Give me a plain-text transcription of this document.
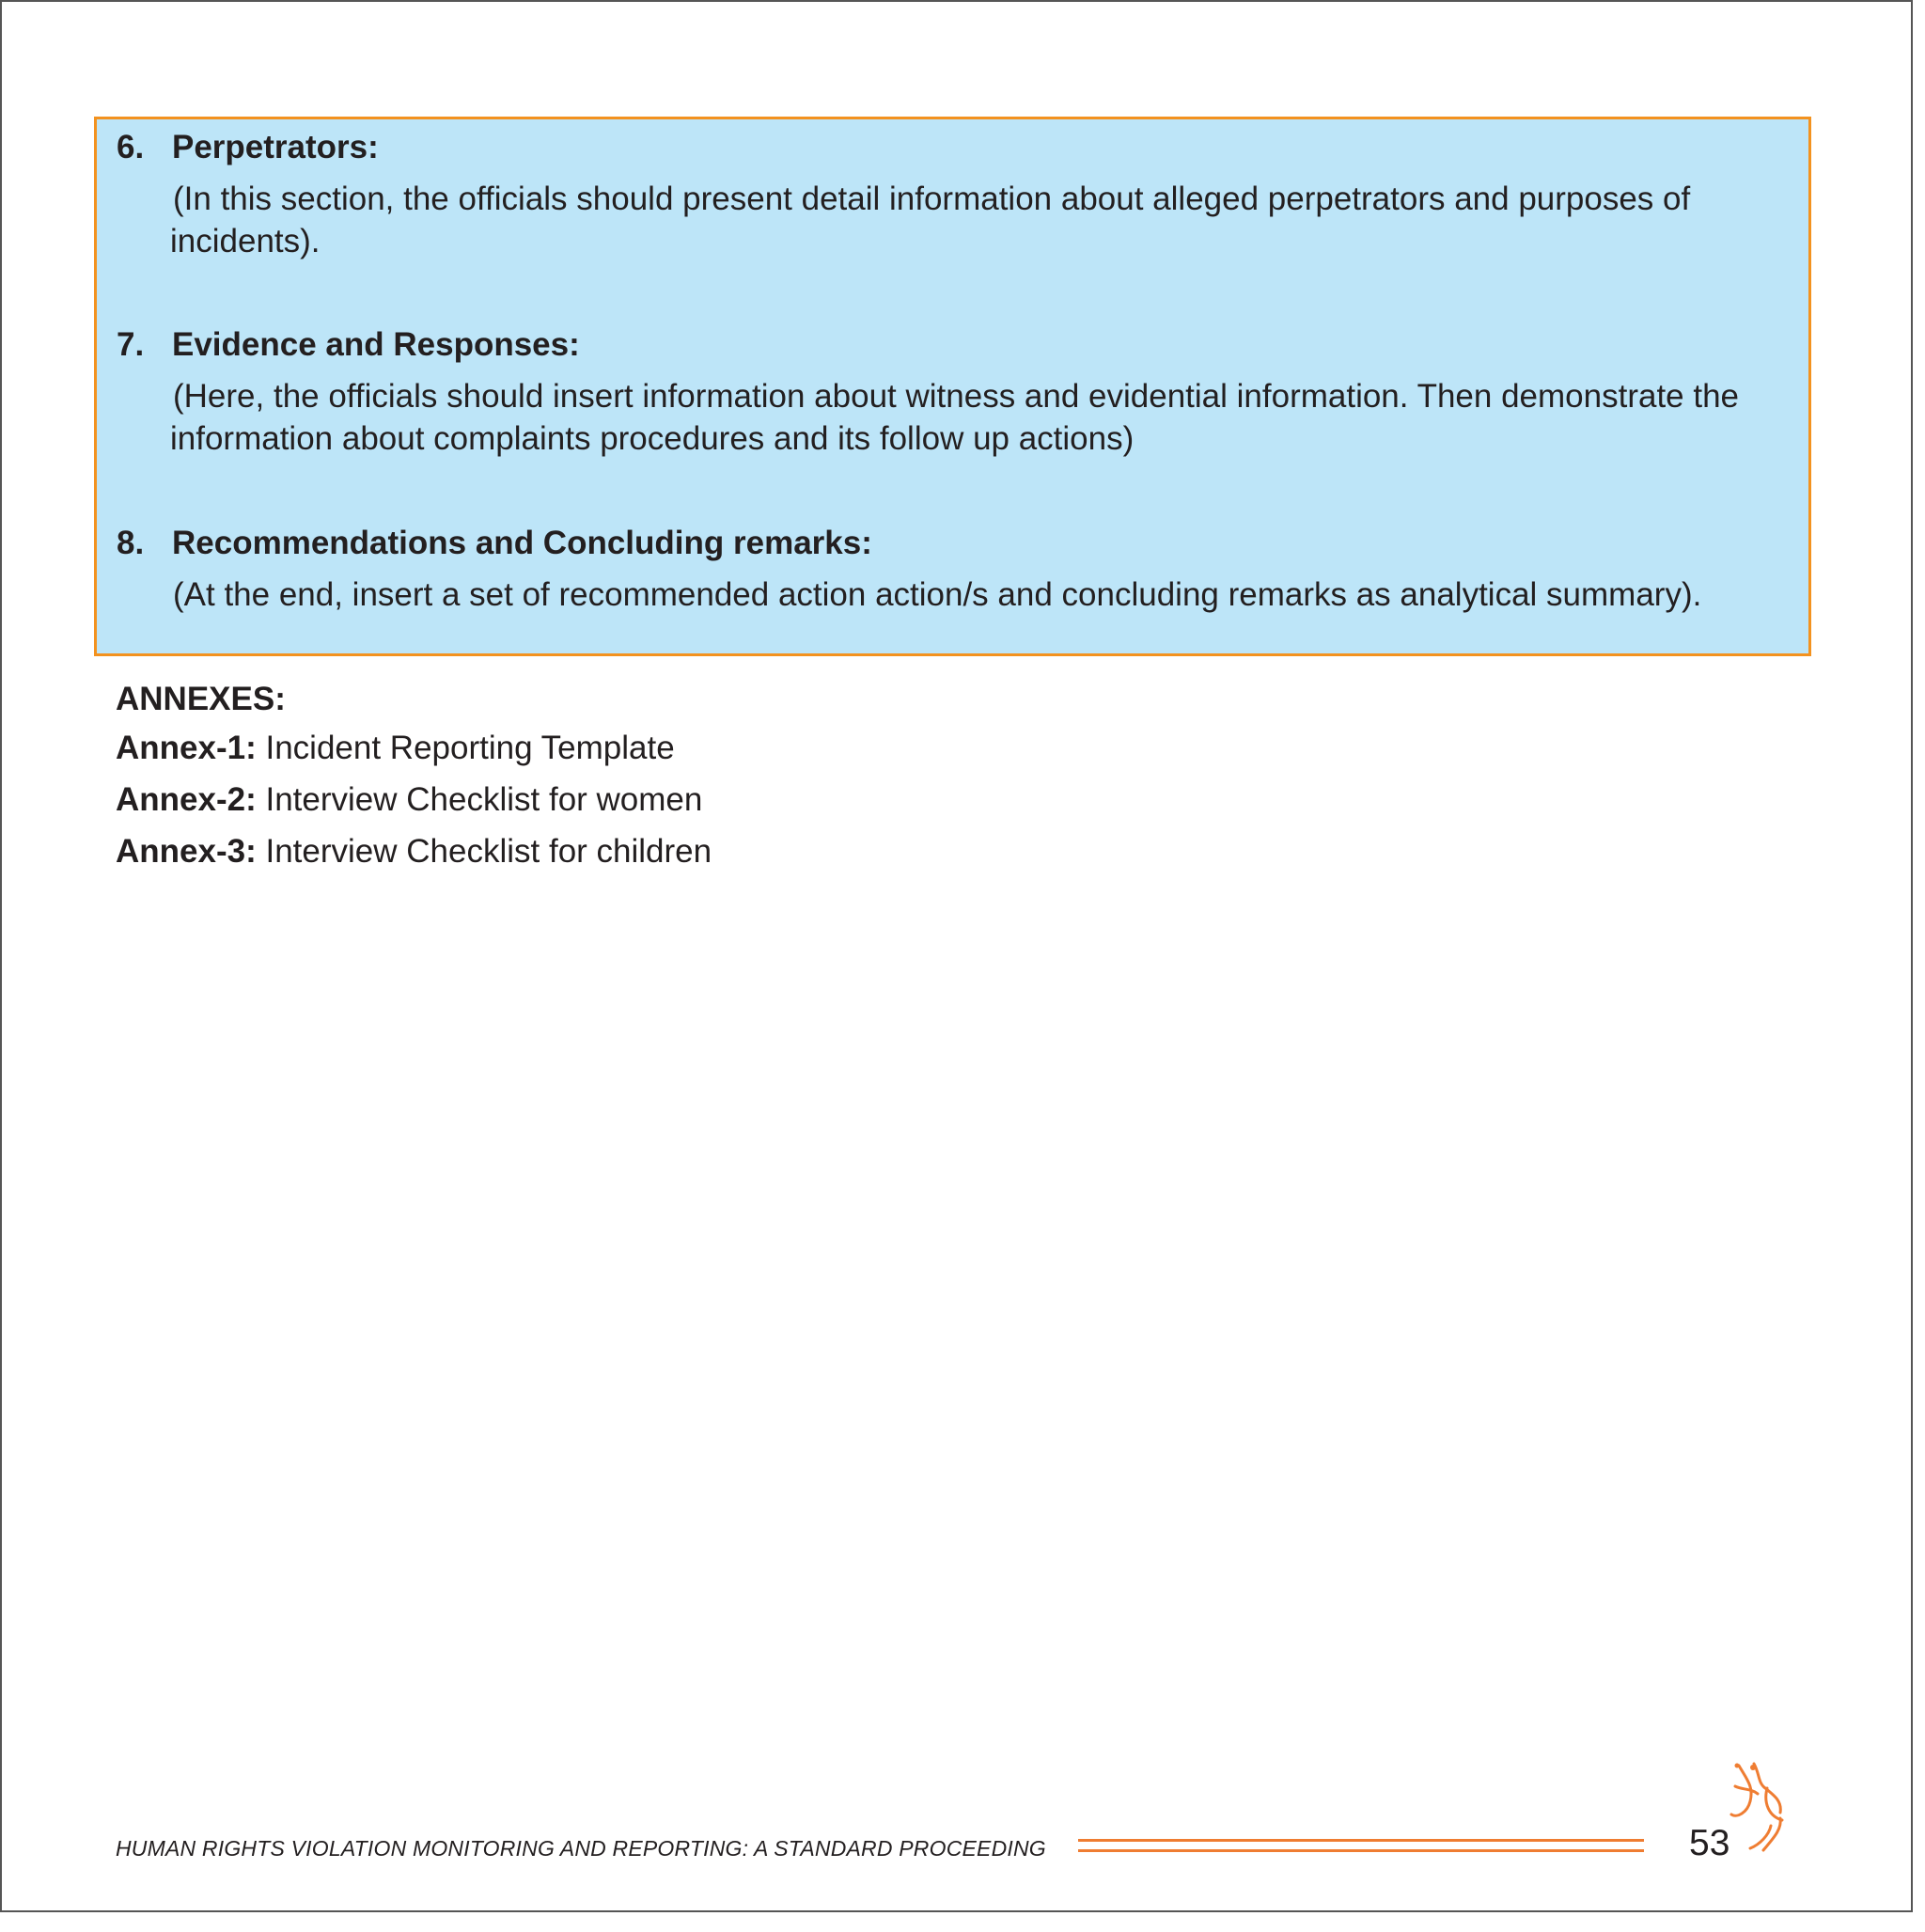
6. Perpetrators:
(In this section, the officials should present detail information about alleged perpetrators and purposes of incidents).
7. Evidence and Responses:
(Here, the officials should insert information about witness and evidential information. Then demonstrate the information about complaints procedures and its follow up actions)
8. Recommendations and Concluding remarks:
(At the end, insert a set of recommended action action/s and concluding remarks as analytical summary).
ANNEXES:
Annex-1: Incident Reporting Template
Annex-2: Interview Checklist for women
Annex-3: Interview Checklist for children
HUMAN RIGHTS VIOLATION MONITORING AND REPORTING: A STANDARD PROCEEDING	53
